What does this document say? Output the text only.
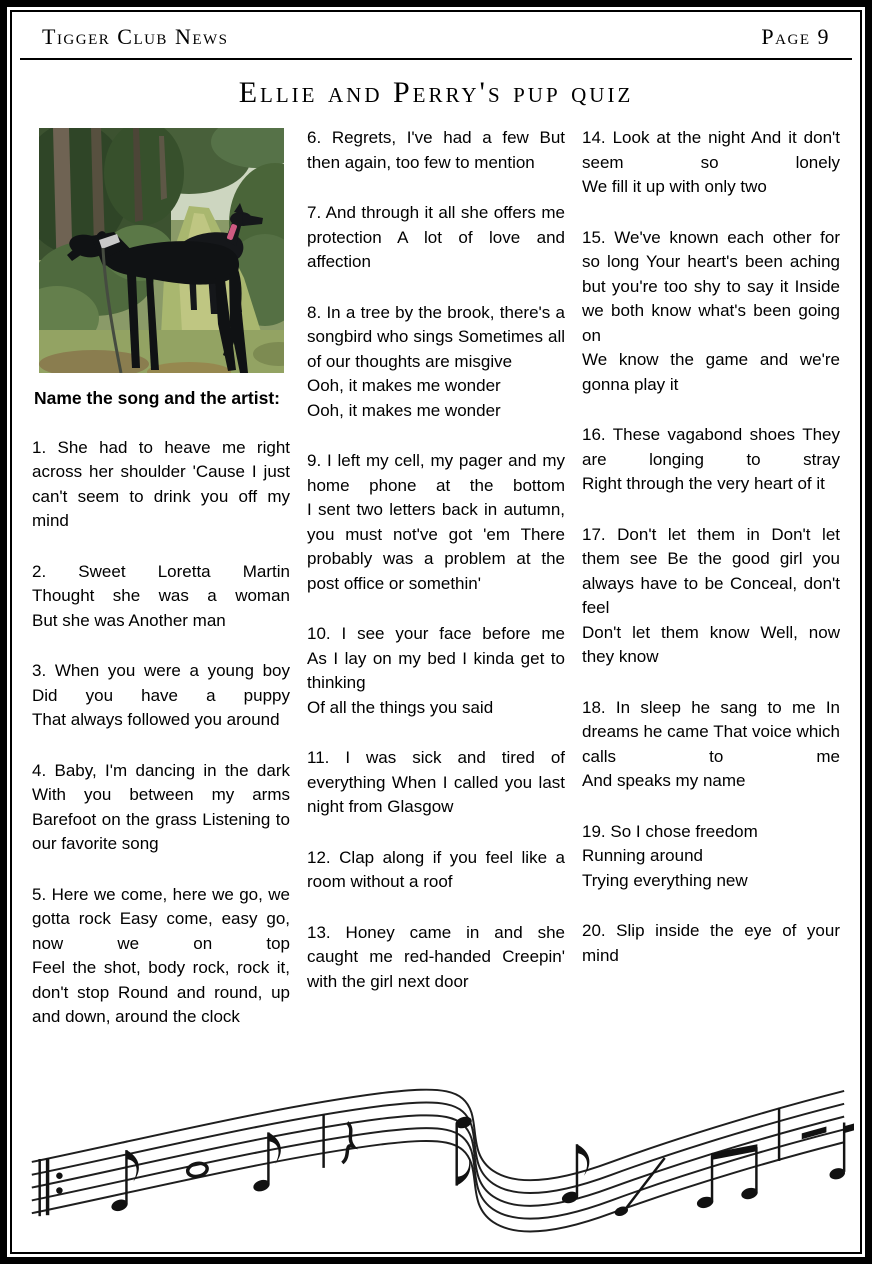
Tigger Club News	Page 9
Ellie and Perry's pup quiz
Name the song and the artist:
1. She had to heave me right across her shoulder 'Cause I just can't seem to drink you off my mind
2. Sweet Loretta Martin
Thought she was a woman
But she was Another man
3. When you were a young boy
Did you have a puppy
That always followed you around
4. Baby, I'm dancing in the dark
With you between my arms
Barefoot on the grass Listening to our favorite song
5. Here we come, here we go, we gotta rock Easy come, easy go, now we on top
Feel the shot, body rock, rock it, don't stop Round and round, up and down, around the clock
6. Regrets, I've had a few But then again, too few to mention
7. And through it all she offers me protection A lot of love and affection
8. In a tree by the brook, there's a songbird who sings Sometimes all of our thoughts are misgive
Ooh, it makes me wonder
Ooh, it makes me wonder
9. I left my cell, my pager and my home phone at the bottom
I sent two letters back in autumn, you must not've got 'em There probably was a problem at the post office or somethin'
10. I see your face before me
As I lay on my bed I kinda get to thinking
Of all the things you said
11. I was sick and tired of everything When I called you last night from Glasgow
12. Clap along if you feel like a room without a roof
13. Honey came in and she caught me red-handed Creepin' with the girl next door
14. Look at the night And it don't seem so lonely
We fill it up with only two
15. We've known each other for so long Your heart's been aching but you're too shy to say it Inside we both know what's been going on
We know the game and we're gonna play it
16. These vagabond shoes They are longing to stray
Right through the very heart of it
17. Don't let them in Don't let them see Be the good girl you always have to be Conceal, don't feel
Don't let them know Well, now they know
18. In sleep he sang to me In dreams he came That voice which calls to me
And speaks my name
19. So I chose freedom
Running around
Trying everything new
20. Slip inside the eye of your mind
